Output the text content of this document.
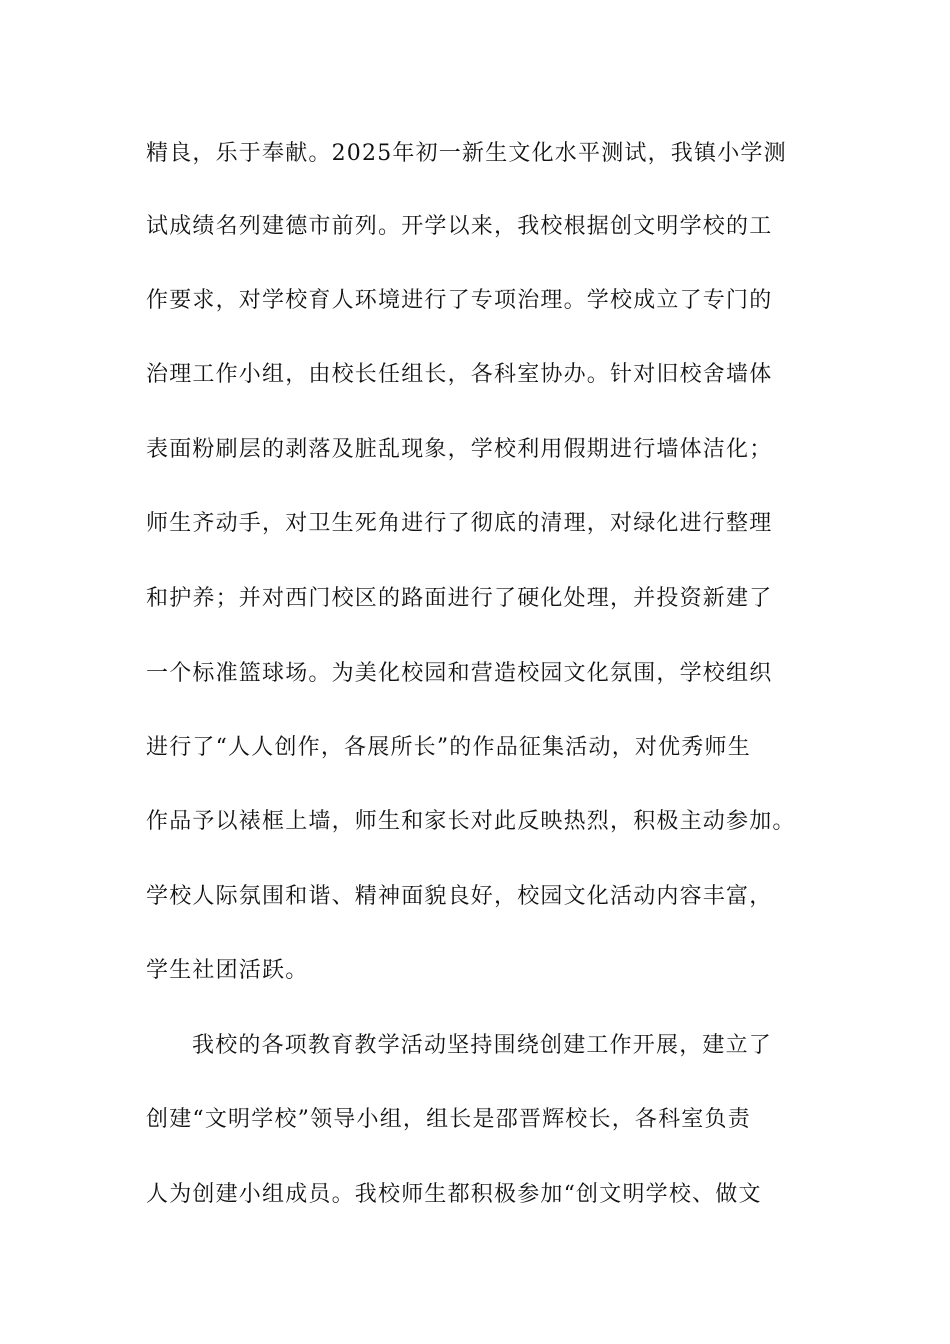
精良，乐于奉献。2025年初一新生文化水平测试，我镇小学测
试成绩名列建德市前列。开学以来，我校根据创文明学校的工
作要求，对学校育人环境进行了专项治理。学校成立了专门的
治理工作小组，由校长任组长，各科室协办。针对旧校舍墙体
表面粉刷层的剥落及脏乱现象，学校利用假期进行墙体洁化；
师生齐动手，对卫生死角进行了彻底的清理，对绿化进行整理
和护养；并对西门校区的路面进行了硬化处理，并投资新建了
一个标准篮球场。为美化校园和营造校园文化氛围，学校组织
进行了“人人创作，各展所长”的作品征集活动，对优秀师生
作品予以裱框上墙，师生和家长对此反映热烈，积极主动参加。
学校人际氛围和谐、精神面貌良好，校园文化活动内容丰富，
学生社团活跃。
我校的各项教育教学活动坚持围绕创建工作开展，建立了
创建“文明学校”领导小组，组长是邵晋辉校长，各科室负责
人为创建小组成员。我校师生都积极参加“创文明学校、做文
